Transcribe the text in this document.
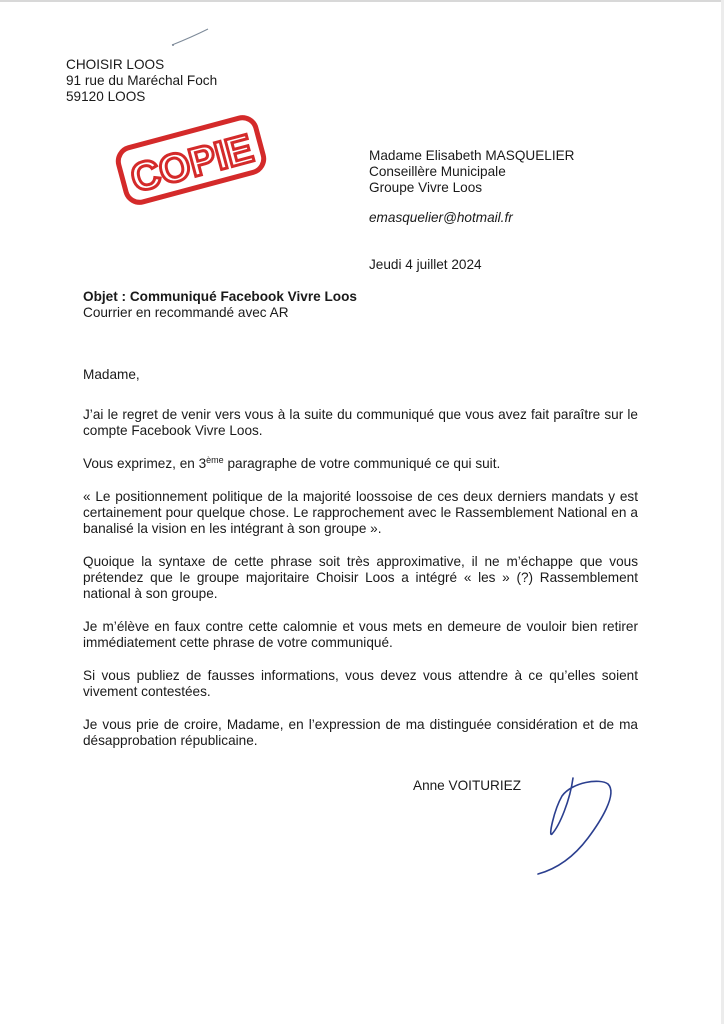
CHOISIR LOOS
91 rue du Maréchal Foch
59120 LOOS
COPIE	Madame Elisabeth MASQUELIER
Conseillère Municipale
Groupe Vivre Loos
emasquelier@hotmail.fr
Jeudi 4 juillet 2024
Objet : Communiqué Facebook Vivre Loos
Courrier en recommandé avec AR
Madame,

J’ai le regret de venir vers vous à la suite du communiqué que vous avez fait paraître sur le compte Facebook Vivre Loos.

Vous exprimez, en 3ème paragraphe de votre communiqué ce qui suit.

« Le positionnement politique de la majorité loossoise de ces deux derniers mandats y est certainement pour quelque chose. Le rapprochement avec le Rassemblement National en a banalisé la vision en les intégrant à son groupe ».

Quoique la syntaxe de cette phrase soit très approximative, il ne m’échappe que vous prétendez que le groupe majoritaire Choisir Loos a intégré « les » (?) Rassemblement national à son groupe.

Je m’élève en faux contre cette calomnie et vous mets en demeure de vouloir bien retirer immédiatement cette phrase de votre communiqué.

Si vous publiez de fausses informations, vous devez vous attendre à ce qu’elles soient vivement contestées.

Je vous prie de croire, Madame, en l’expression de ma distinguée considération et de ma désapprobation républicaine.

Anne VOITURIEZ
